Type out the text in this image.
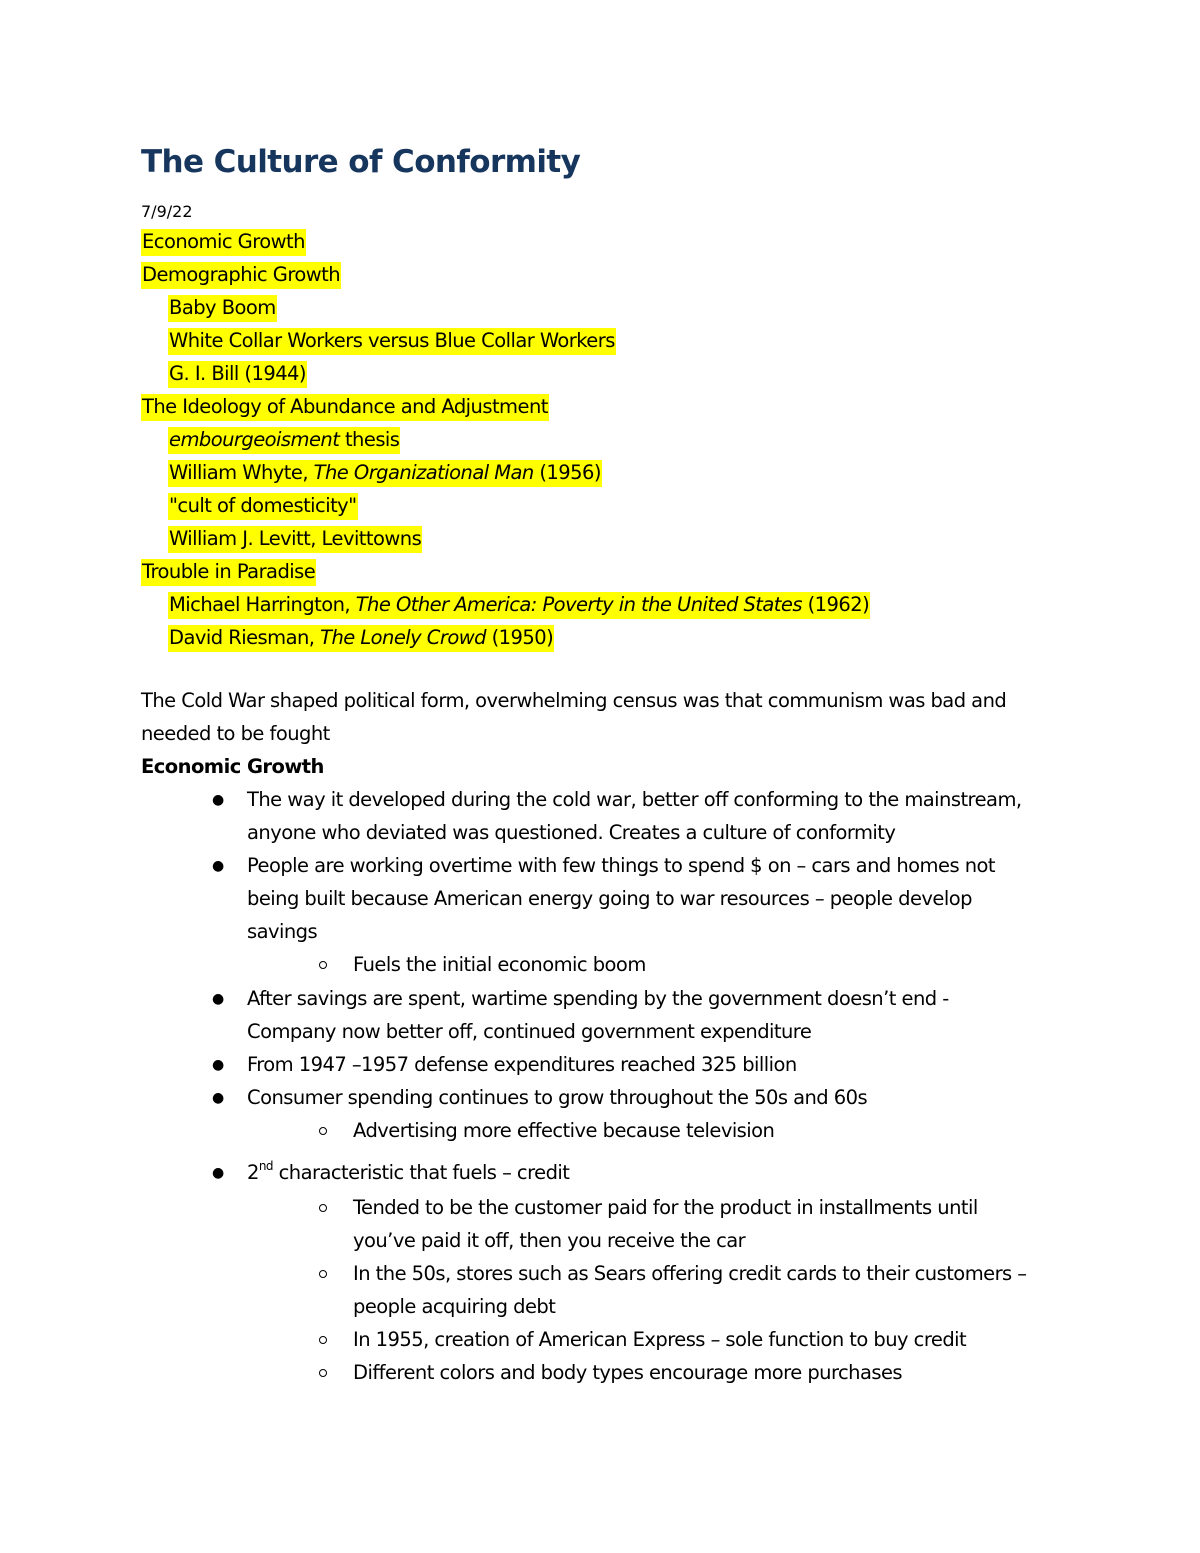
The Culture of Conformity
7/9/22
Economic Growth
Demographic Growth
Baby Boom
White Collar Workers versus Blue Collar Workers
G. I. Bill (1944)
The Ideology of Abundance and Adjustment
embourgeoisment thesis
William Whyte, The Organizational Man (1956)
"cult of domesticity"
William J. Levitt, Levittowns
Trouble in Paradise
Michael Harrington, The Other America: Poverty in the United States (1962)
David Riesman, The Lonely Crowd (1950)
The Cold War shaped political form, overwhelming census was that communism was bad and
needed to be fought
Economic Growth
● The way it developed during the cold war, better off conforming to the mainstream,
anyone who deviated was questioned. Creates a culture of conformity
● People are working overtime with few things to spend $ on – cars and homes not
being built because American energy going to war resources – people develop
savings
Fuels the initial economic boom
● After savings are spent, wartime spending by the government doesn’t end -
Company now better off, continued government expenditure
● From 1947 –1957 defense expenditures reached 325 billion
● Consumer spending continues to grow throughout the 50s and 60s
Advertising more effective because television
● 2nd characteristic that fuels – credit
Tended to be the customer paid for the product in installments until
you’ve paid it off, then you receive the car
In the 50s, stores such as Sears offering credit cards to their customers –
people acquiring debt
In 1955, creation of American Express – sole function to buy credit
Different colors and body types encourage more purchases
